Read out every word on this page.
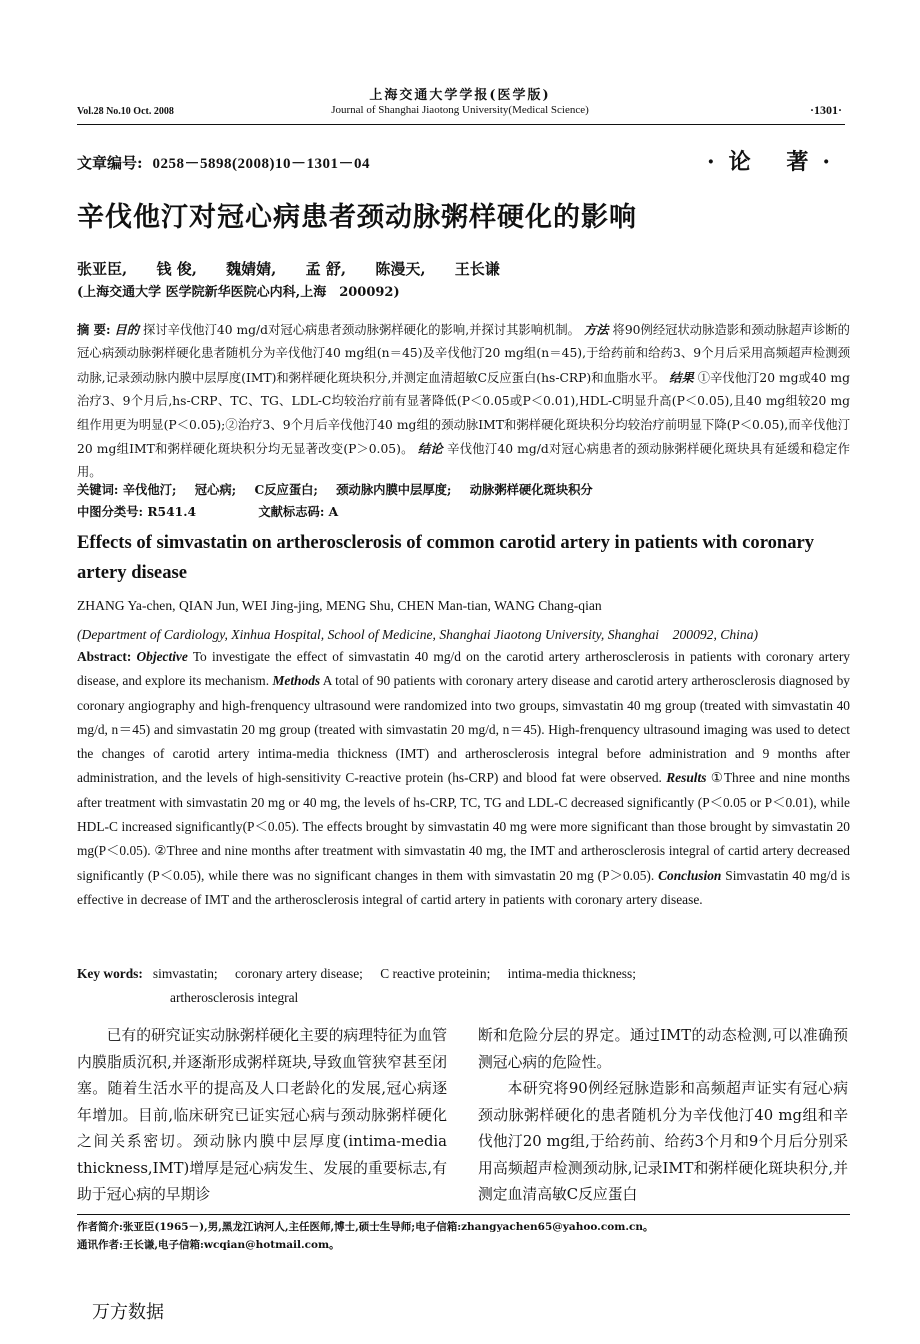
上海交通大学学报(医学版)
Vol.28 No.10 Oct. 2008	Journal of Shanghai Jiaotong University(Medical Science)	·1301·
文章编号: 0258－5898(2008)10－1301－04	·论 著·
辛伐他汀对冠心病患者颈动脉粥样硬化的影响
张亚臣, 钱 俊, 魏婧婧, 孟 舒, 陈漫天, 王长谦
(上海交通大学 医学院新华医院心内科,上海　200092)
摘 要: 目的 探讨辛伐他汀40 mg/d对冠心病患者颈动脉粥样硬化的影响,并探讨其影响机制。 方法 将90例经冠状动脉造影和颈动脉超声诊断的冠心病颈动脉粥样硬化患者随机分为辛伐他汀40 mg组(n＝45)及辛伐他汀20 mg组(n＝45),于给药前和给药3、9个月后采用高频超声检测颈动脉,记录颈动脉内膜中层厚度(IMT)和粥样硬化斑块积分,并测定血清超敏C反应蛋白(hs-CRP)和血脂水平。 结果 ①辛伐他汀20 mg或40 mg治疗3、9个月后,hs-CRP、TC、TG、LDL-C均较治疗前有显著降低(P＜0.05或P＜0.01),HDL-C明显升高(P＜0.05),且40 mg组较20 mg组作用更为明显(P＜0.05);②治疗3、9个月后辛伐他汀40 mg组的颈动脉IMT和粥样硬化斑块积分均较治疗前明显下降(P＜0.05),而辛伐他汀20 mg组IMT和粥样硬化斑块积分均无显著改变(P＞0.05)。 结论 辛伐他汀40 mg/d对冠心病患者的颈动脉粥样硬化斑块具有延缓和稳定作用。
关键词: 辛伐他汀; 冠心病; C反应蛋白; 颈动脉内膜中层厚度; 动脉粥样硬化斑块积分
中图分类号: R541.4	文献标志码: A
Effects of simvastatin on artherosclerosis of common carotid artery in patients with coronary artery disease
ZHANG Ya-chen, QIAN Jun, WEI Jing-jing, MENG Shu, CHEN Man-tian, WANG Chang-qian
(Department of Cardiology, Xinhua Hospital, School of Medicine, Shanghai Jiaotong University, Shanghai　200092, China)
Abstract: Objective To investigate the effect of simvastatin 40 mg/d on the carotid artery artherosclerosis in patients with coronary artery disease, and explore its mechanism. Methods A total of 90 patients with coronary artery disease and carotid artery artherosclerosis diagnosed by coronary angiography and high-frenquency ultrasound were randomized into two groups, simvastatin 40 mg group (treated with simvastatin 40 mg/d, n＝45) and simvastatin 20 mg group (treated with simvastatin 20 mg/d, n＝45). High-frenquency ultrasound imaging was used to detect the changes of carotid artery intima-media thickness (IMT) and artherosclerosis integral before administration and 9 months after administration, and the levels of high-sensitivity C-reactive protein (hs-CRP) and blood fat were observed. Results ①Three and nine months after treatment with simvastatin 20 mg or 40 mg, the levels of hs-CRP, TC, TG and LDL-C decreased significantly (P＜0.05 or P＜0.01), while HDL-C increased significantly(P＜0.05). The effects brought by simvastatin 40 mg were more significant than those brought by simvastatin 20 mg(P＜0.05). ②Three and nine months after treatment with simvastatin 40 mg, the IMT and artherosclerosis integral of cartid artery decreased significantly (P＜0.05), while there was no significant changes in them with simvastatin 20 mg (P＞0.05). Conclusion Simvastatin 40 mg/d is effective in decrease of IMT and the artherosclerosis integral of cartid artery in patients with coronary artery disease.
Key words: simvastatin; coronary artery disease; C reactive proteinin; intima-media thickness;
artherosclerosis integral

已有的研究证实动脉粥样硬化主要的病理特征为血管内膜脂质沉积,并逐渐形成粥样斑块,导致血管狭窄甚至闭塞。随着生活水平的提高及人口老龄化的发展,冠心病逐年增加。目前,临床研究已证实冠心病与颈动脉粥样硬化之间关系密切。颈动脉内膜中层厚度(intima-media thickness,IMT)增厚是冠心病发生、发展的重要标志,有助于冠心病的早期诊

断和危险分层的界定。通过IMT的动态检测,可以准确预测冠心病的危险性。

本研究将90例经冠脉造影和高频超声证实有冠心病颈动脉粥样硬化的患者随机分为辛伐他汀40 mg组和辛伐他汀20 mg组,于给药前、给药3个月和9个月后分别采用高频超声检测颈动脉,记录IMT和粥样硬化斑块积分,并测定血清高敏C反应蛋白

作者简介:张亚臣(1965－),男,黑龙江讷河人,主任医师,博士,硕士生导师;电子信箱:zhangyachen65@yahoo.com.cn。
通讯作者:王长谦,电子信箱:wcqian@hotmail.com。
万方数据
